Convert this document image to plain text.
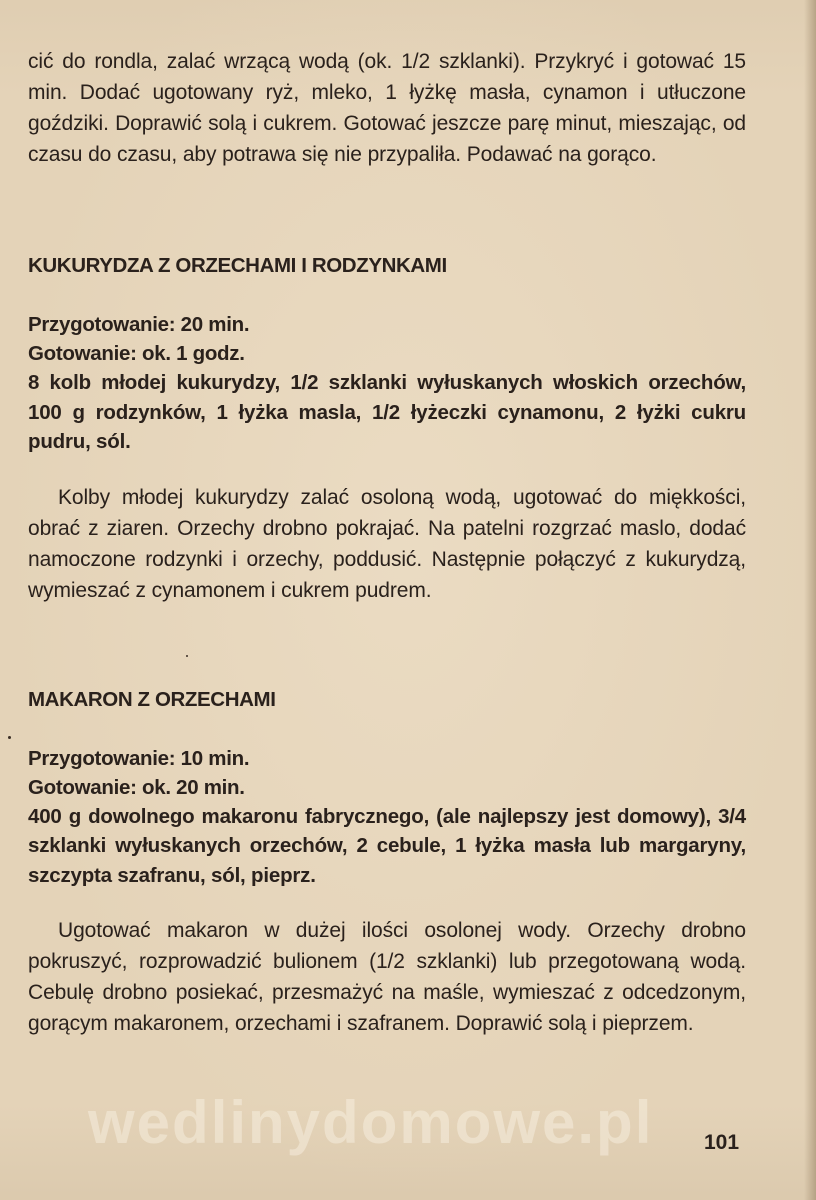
cić do rondla, zalać wrzącą wodą (ok. 1/2 szklanki). Przykryć i gotować 15 min. Dodać ugotowany ryż, mleko, 1 łyżkę masła, cynamon i utłuczone goździki. Doprawić solą i cukrem. Gotować jeszcze parę minut, mieszając, od czasu do czasu, aby potrawa się nie przypaliła. Podawać na gorąco.

KUKURYDZA Z ORZECHAMI I RODZYNKAMI

Przygotowanie: 20 min.

Gotowanie: ok. 1 godz.

8 kolb młodej kukurydzy, 1/2 szklanki wyłuskanych włoskich orzechów, 100 g rodzynków, 1 łyżka masla, 1/2 łyżeczki cynamonu, 2 łyżki cukru pudru, sól.

Kolby młodej kukurydzy zalać osoloną wodą, ugotować do miękkości, obrać z ziaren. Orzechy drobno pokrajać. Na patelni rozgrzać maslo, dodać namoczone rodzynki i orzechy, poddusić. Następnie połączyć z kukurydzą, wymieszać z cynamonem i cukrem pudrem.

MAKARON Z ORZECHAMI

Przygotowanie: 10 min.

Gotowanie: ok. 20 min.

400 g dowolnego makaronu fabrycznego, (ale najlepszy jest domowy), 3/4 szklanki wyłuskanych orzechów, 2 cebule, 1 łyżka masła lub margaryny, szczypta szafranu, sól, pieprz.

Ugotować makaron w dużej ilości osolonej wody. Orzechy drobno pokruszyć, rozprowadzić bulionem (1/2 szklanki) lub przegotowaną wodą. Cebulę drobno posiekać, przesmażyć na maśle, wymieszać z odcedzonym, gorącym makaronem, orzechami i szafranem. Doprawić solą i pieprzem.

wedlinydomowe.pl 101
